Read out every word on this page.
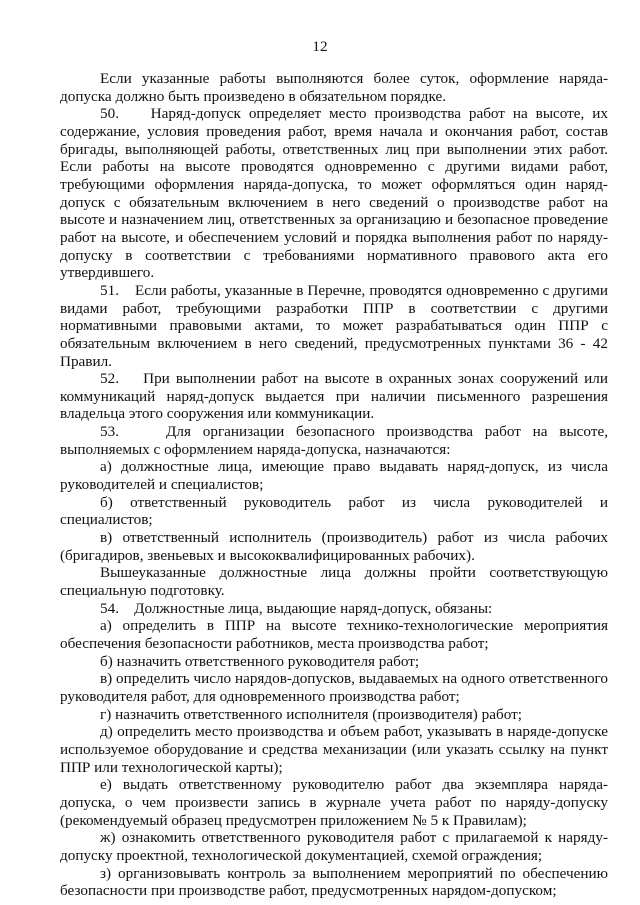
12

Если указанные работы выполняются более суток, оформление наряда-допуска должно быть произведено в обязательном порядке.

50.    Наряд-допуск определяет место производства работ на высоте, их содержание, условия проведения работ, время начала и окончания работ, состав бригады, выполняющей работы, ответственных лиц при выполнении этих работ. Если работы на высоте проводятся одновременно с другими видами работ, требующими оформления наряда-допуска, то может оформляться один наряд-допуск с обязательным включением в него сведений о производстве работ на высоте и назначением лиц, ответственных за организацию и безопасное проведение работ на высоте, и обеспечением условий и порядка выполнения работ по наряду-допуску в соответствии с требованиями нормативного правового акта его утвердившего.

51.    Если работы, указанные в Перечне, проводятся одновременно с другими видами работ, требующими разработки ППР в соответствии с другими нормативными правовыми актами, то может разрабатываться один ППР с обязательным включением в него сведений, предусмотренных пунктами 36 - 42 Правил.

52.    При выполнении работ на высоте в охранных зонах сооружений или коммуникаций наряд-допуск выдается при наличии письменного разрешения владельца этого сооружения или коммуникации.

53.    Для организации безопасного производства работ на высоте, выполняемых с оформлением наряда-допуска, назначаются:

а) должностные лица, имеющие право выдавать наряд-допуск, из числа руководителей и специалистов;

б) ответственный руководитель работ из числа руководителей и специалистов;

в) ответственный исполнитель (производитель) работ из числа рабочих (бригадиров, звеньевых и высококвалифицированных рабочих).

Вышеуказанные должностные лица должны пройти соответствующую специальную подготовку.

54.    Должностные лица, выдающие наряд-допуск, обязаны:

а) определить в ППР на высоте технико-технологические мероприятия обеспечения безопасности работников, места производства работ;

б) назначить ответственного руководителя работ;

в) определить число нарядов-допусков, выдаваемых на одного ответственного руководителя работ, для одновременного производства работ;

г) назначить ответственного исполнителя (производителя) работ;

д) определить место производства и объем работ, указывать в наряде-допуске используемое оборудование и средства механизации (или указать ссылку на пункт ППР или технологической карты);

е) выдать ответственному руководителю работ два экземпляра наряда-допуска, о чем произвести запись в журнале учета работ по наряду-допуску (рекомендуемый образец предусмотрен приложением № 5 к Правилам);

ж) ознакомить ответственного руководителя работ с прилагаемой к наряду-допуску проектной, технологической документацией, схемой ограждения;

з) организовывать контроль за выполнением мероприятий по обеспечению безопасности при производстве работ, предусмотренных нарядом-допуском;
